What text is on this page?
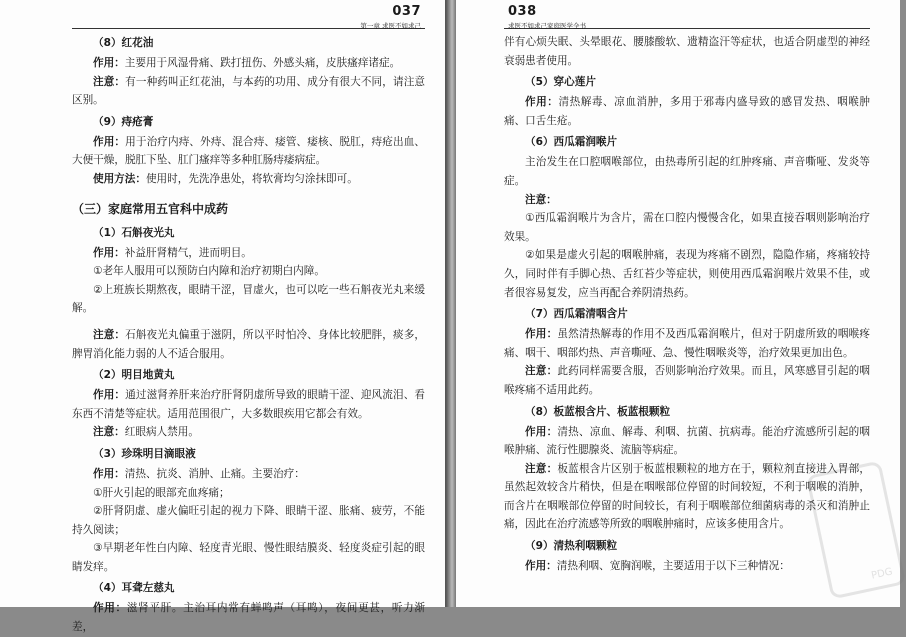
第一章 求医不如求己
037
（8）红花油

作用：主要用于风湿骨痛、跌打扭伤、外感头痛，皮肤瘙痒诸症。

注意：有一种药叫正红花油，与本药的功用、成分有很大不同，请注意区别。

（9）痔疮膏

作用：用于治疗内痔、外痔、混合痔、痿管、痿核、脱肛，痔疮出血、大便干燥，脱肛下坠、肛门瘙痒等多种肛肠痔痿病症。

使用方法：使用时，先洗净患处，将软膏均匀涂抹即可。

（三）家庭常用五官科中成药
（1）石斛夜光丸

作用：补益肝肾精气，进而明目。

①老年人服用可以预防白内障和治疗初期白内障。

②上班族长期熬夜，眼睛干涩，冒虚火，也可以吃一些石斛夜光丸来缓解。

注意：石斛夜光丸偏重于滋阴，所以平时怕冷、身体比较肥胖，痰多，脾胃消化能力弱的人不适合服用。

（2）明目地黄丸

作用：通过滋肾养肝来治疗肝肾阴虚所导致的眼睛干涩、迎风流泪、看东西不清楚等症状。适用范围很广，大多数眼疾用它都会有效。

注意：红眼病人禁用。

（3）珍珠明目滴眼液

作用：清热、抗炎、消肿、止痛。主要治疗：

①肝火引起的眼部充血疼痛；

②肝肾阴虚、虚火偏旺引起的视力下降、眼睛干涩、胀痛、疲劳，不能持久阅读；

③早期老年性白内障、轻度青光眼、慢性眼结膜炎、轻度炎症引起的眼睛发痒。

（4）耳聋左慈丸

作用：滋肾平肝。主治耳内常有蝉鸣声（耳鸣），夜间更甚，听力渐差，

038
求医不如求己家庭医学全书

伴有心烦失眠、头晕眼花、腰膝酸软、遗精盗汗等症状，也适合阴虚型的神经衰弱患者使用。

（5）穿心莲片

作用：清热解毒、凉血消肿，多用于邪毒内盛导致的感冒发热、咽喉肿痛、口舌生疮。

（6）西瓜霜润喉片

主治发生在口腔咽喉部位，由热毒所引起的红肿疼痛、声音嘶哑、发炎等症。

注意：

①西瓜霜润喉片为含片，需在口腔内慢慢含化，如果直接吞咽则影响治疗效果。

②如果是虚火引起的咽喉肿痛，表现为疼痛不剧烈，隐隐作痛，疼痛较持久，同时伴有手脚心热、舌红苔少等症状，则使用西瓜霜润喉片效果不佳，或者很容易复发，应当再配合养阴清热药。

（7）西瓜霜清咽含片

作用：虽然清热解毒的作用不及西瓜霜润喉片，但对于阴虚所致的咽喉疼痛、咽干、咽部灼热、声音嘶哑、急、慢性咽喉炎等，治疗效果更加出色。

注意：此药同样需要含服，否则影响治疗效果。而且，风寒感冒引起的咽喉疼痛不适用此药。

（8）板蓝根含片、板蓝根颗粒

作用：清热、凉血、解毒、利咽、抗菌、抗病毒。能治疗流感所引起的咽喉肿痛、流行性腮腺炎、流脑等病症。

注意：板蓝根含片区别于板蓝根颗粒的地方在于，颗粒剂直接进入胃部，虽然起效较含片稍快，但是在咽喉部位停留的时间较短，不利于咽喉的消肿，而含片在咽喉部位停留的时间较长，有利于咽喉部位细菌病毒的杀灭和消肿止痛，因此在治疗流感等所致的咽喉肿痛时，应该多使用含片。

（9）清热利咽颗粒

作用：清热利咽、宽胸润喉，主要适用于以下三种情况：

PDG
